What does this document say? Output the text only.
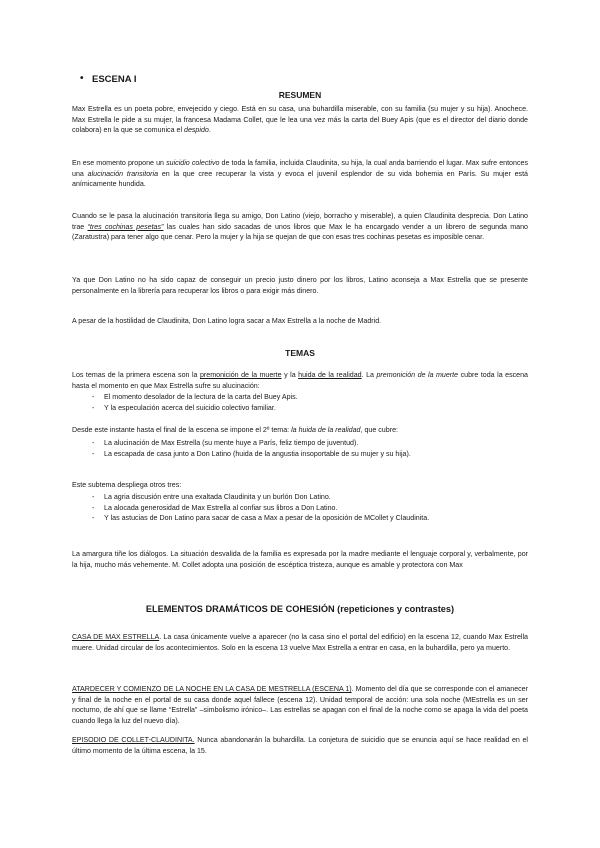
• ESCENA I
RESUMEN
Max Estrella es un poeta pobre, envejecido y ciego. Está en su casa, una buhardilla miserable, con su familia (su mujer y su hija). Anochece. Max Estrella le pide a su mujer, la francesa Madama Collet, que le lea una vez más la carta del Buey Apis (que es el director del diario donde colabora) en la que se comunica el despido.
En ese momento propone un suicidio colectivo de toda la familia, incluida Claudinita, su hija, la cual anda barriendo el lugar. Max sufre entonces una alucinación transitoria en la que cree recuperar la vista y evoca el juvenil esplendor de su vida bohemia en París. Su mujer está anímicamente hundida.
Cuando se le pasa la alucinación transitoria llega su amigo, Don Latino (viejo, borracho y miserable), a quien Claudinita desprecia. Don Latino trae “tres cochinas pesetas” las cuales han sido sacadas de unos libros que Max le ha encargado vender a un librero de segunda mano (Zaratustra) para tener algo que cenar. Pero la mujer y la hija se quejan de que con esas tres cochinas pesetas es imposible cenar.
Ya que Don Latino no ha sido capaz de conseguir un precio justo dinero por los libros, Latino aconseja a Max Estrella que se presente personalmente en la librería para recuperar los libros o para exigir más dinero.
A pesar de la hostilidad de Claudinita, Don Latino logra sacar a Max Estrella a la noche de Madrid.
TEMAS
Los temas de la primera escena son la premonición de la muerte y la huida de la realidad. La premonición de la muerte cubre toda la escena hasta el momento en que Max Estrella sufre su alucinación:
- El momento desolador de la lectura de la carta del Buey Apis.
- Y la especulación acerca del suicidio colectivo familiar.
Desde este instante hasta el final de la escena se impone el 2º tema: la huida de la realidad, que cubre:
- La alucinación de Max Estrella (su mente huye a París, feliz tiempo de juventud).
- La escapada de casa junto a Don Latino (huida de la angustia insoportable de su mujer y su hija).
Este subtema despliega otros tres:
- La agria discusión entre una exaltada Claudinita y un burlón Don Latino.
- La alocada generosidad de Max Estrella al confiar sus libros a Don Latino.
- Y las astucias de Don Latino para sacar de casa a Max a pesar de la oposición de MCollet y Claudinita.
La amargura tiñe los diálogos. La situación desvalida de la familia es expresada por la madre mediante el lenguaje corporal y, verbalmente, por la hija, mucho más vehemente. M. Collet adopta una posición de escéptica tristeza, aunque es amable y protectora con Max
ELEMENTOS DRAMÁTICOS DE COHESIÓN (repeticiones y contrastes)
CASA DE MAX ESTRELLA. La casa únicamente vuelve a aparecer (no la casa sino el portal del edificio) en la escena 12, cuando Max Estrella muere. Unidad circular de los acontecimientos. Solo en la escena 13 vuelve Max Estrella a entrar en casa, en la buhardilla, pero ya muerto.
ATARDECER Y COMIENZO DE LA NOCHE EN LA CASA DE MESTRELLA (ESCENA 1). Momento del día que se corresponde con el amanecer y final de la noche en el portal de su casa donde aquel fallece (escena 12). Unidad temporal de acción: una sola noche (MEstrella es un ser nocturno, de ahí que se llame “Estrella” –simbolismo irónico–. Las estrellas se apagan con el final de la noche como se apaga la vida del poeta cuando llega la luz del nuevo día).
EPISODIO DE COLLET-CLAUDINITA. Nunca abandonarán la buhardilla. La conjetura de suicidio que se enuncia aquí se hace realidad en el último momento de la última escena, la 15.
